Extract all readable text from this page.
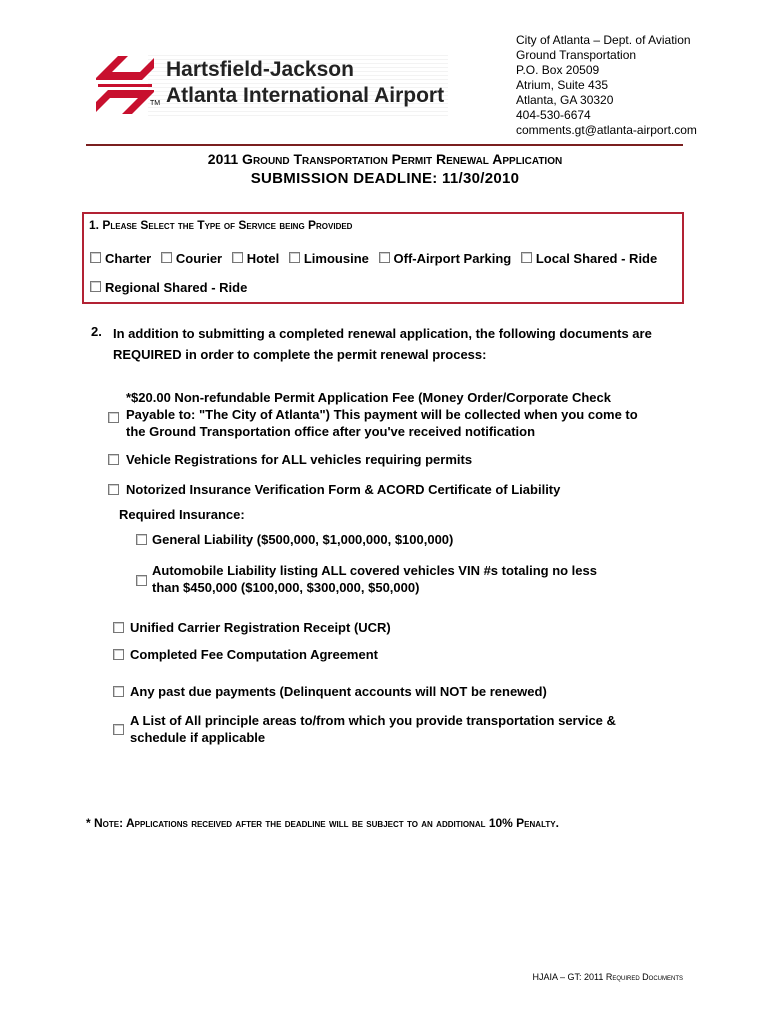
Hartsfield-Jackson
Atlanta International Airport
TM
City of Atlanta – Dept. of Aviation
Ground Transportation
P.O. Box 20509
Atrium, Suite 435
Atlanta, GA 30320
404-530-6674
comments.gt@atlanta-airport.com
2011 Ground Transportation Permit Renewal Application
SUBMISSION DEADLINE: 11/30/2010
1. Please Select the Type of Service being Provided
Charter Courier Hotel Limousine Off-Airport Parking Local Shared - Ride
Regional Shared - Ride
2. In addition to submitting a completed renewal application, the following documents are REQUIRED in order to complete the permit renewal process:
*$20.00 Non-refundable Permit Application Fee (Money Order/Corporate Check Payable to: "The City of Atlanta") This payment will be collected when you come to the Ground Transportation office after you've received notification
Vehicle Registrations for ALL vehicles requiring permits
Notorized Insurance Verification Form & ACORD Certificate of Liability
Required Insurance:
General Liability ($500,000, $1,000,000, $100,000)
Automobile Liability listing ALL covered vehicles VIN #s totaling no less than $450,000 ($100,000, $300,000, $50,000)
Unified Carrier Registration Receipt (UCR)
Completed Fee Computation Agreement
Any past due payments (Delinquent accounts will NOT be renewed)
A List of All principle areas to/from which you provide transportation service & schedule if applicable
* Note: Applications received after the deadline will be subject to an additional 10% Penalty.
HJAIA – GT: 2011 Required Documents
